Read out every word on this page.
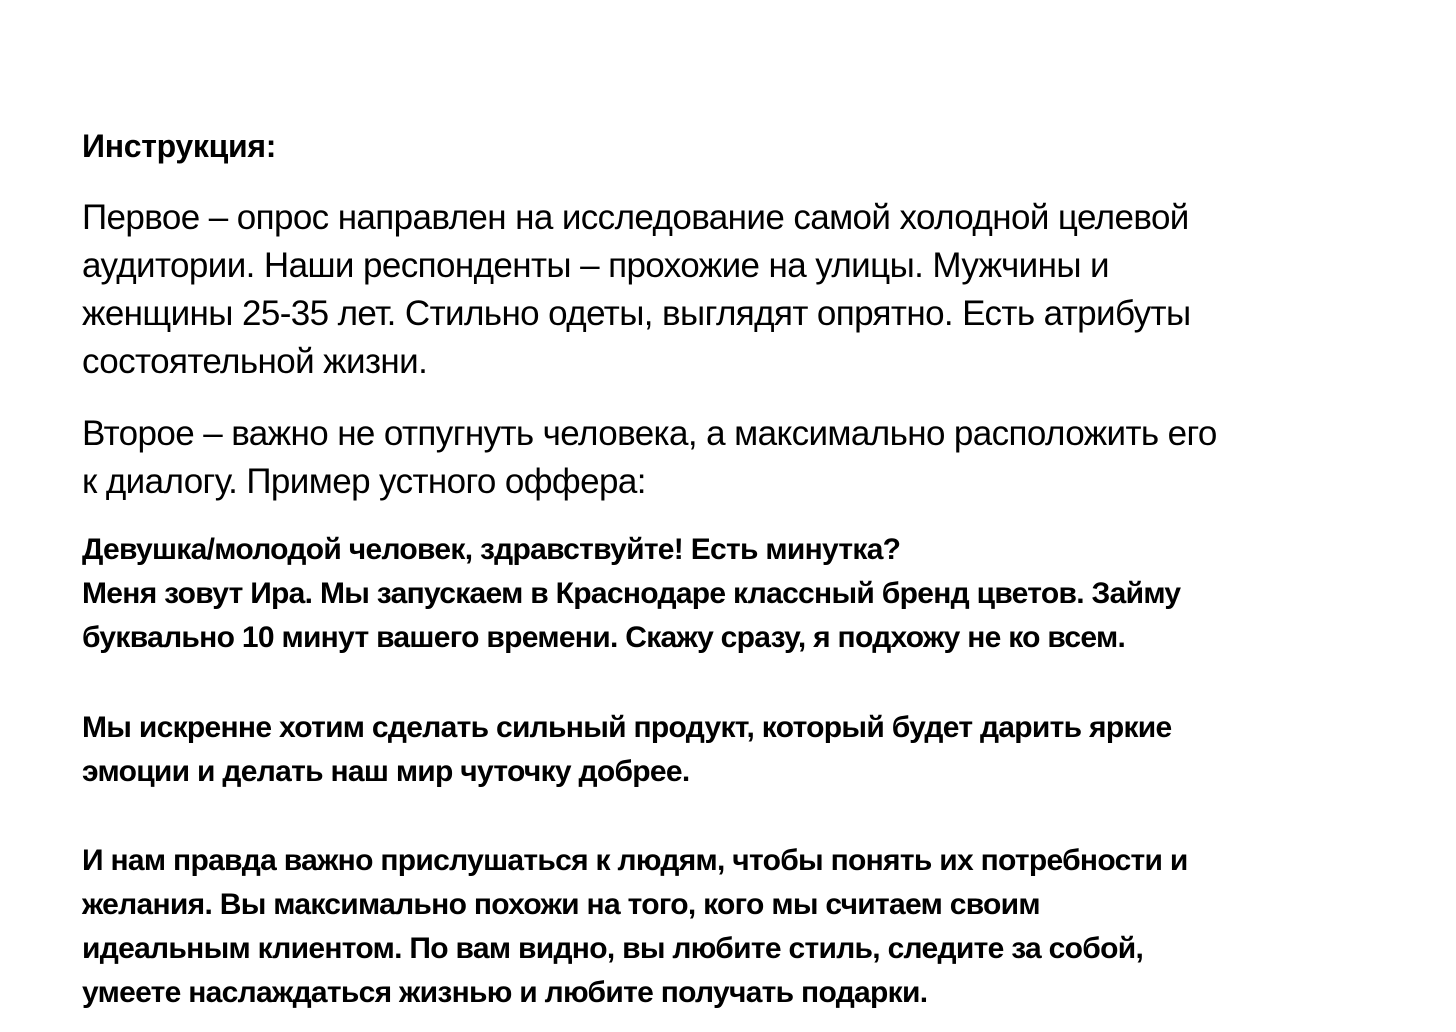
Инструкция:

Первое – опрос направлен на исследование самой холодной целевой
аудитории. Наши респонденты – прохожие на улицы. Мужчины и
женщины 25-35 лет. Стильно одеты, выглядят опрятно. Есть атрибуты
состоятельной жизни.

Второе – важно не отпугнуть человека, а максимально расположить его
к диалогу. Пример устного оффера:

Девушка/молодой человек, здравствуйте! Есть минутка?
Меня зовут Ира. Мы запускаем в Краснодаре классный бренд цветов. Займу
буквально 10 минут вашего времени. Скажу сразу, я подхожу не ко всем.

Мы искренне хотим сделать сильный продукт, который будет дарить яркие
эмоции и делать наш мир чуточку добрее.

И нам правда важно прислушаться к людям, чтобы понять их потребности и
желания. Вы максимально похожи на того, кого мы считаем своим
идеальным клиентом. По вам видно, вы любите стиль, следите за собой,
умеете наслаждаться жизнью и любите получать подарки.
